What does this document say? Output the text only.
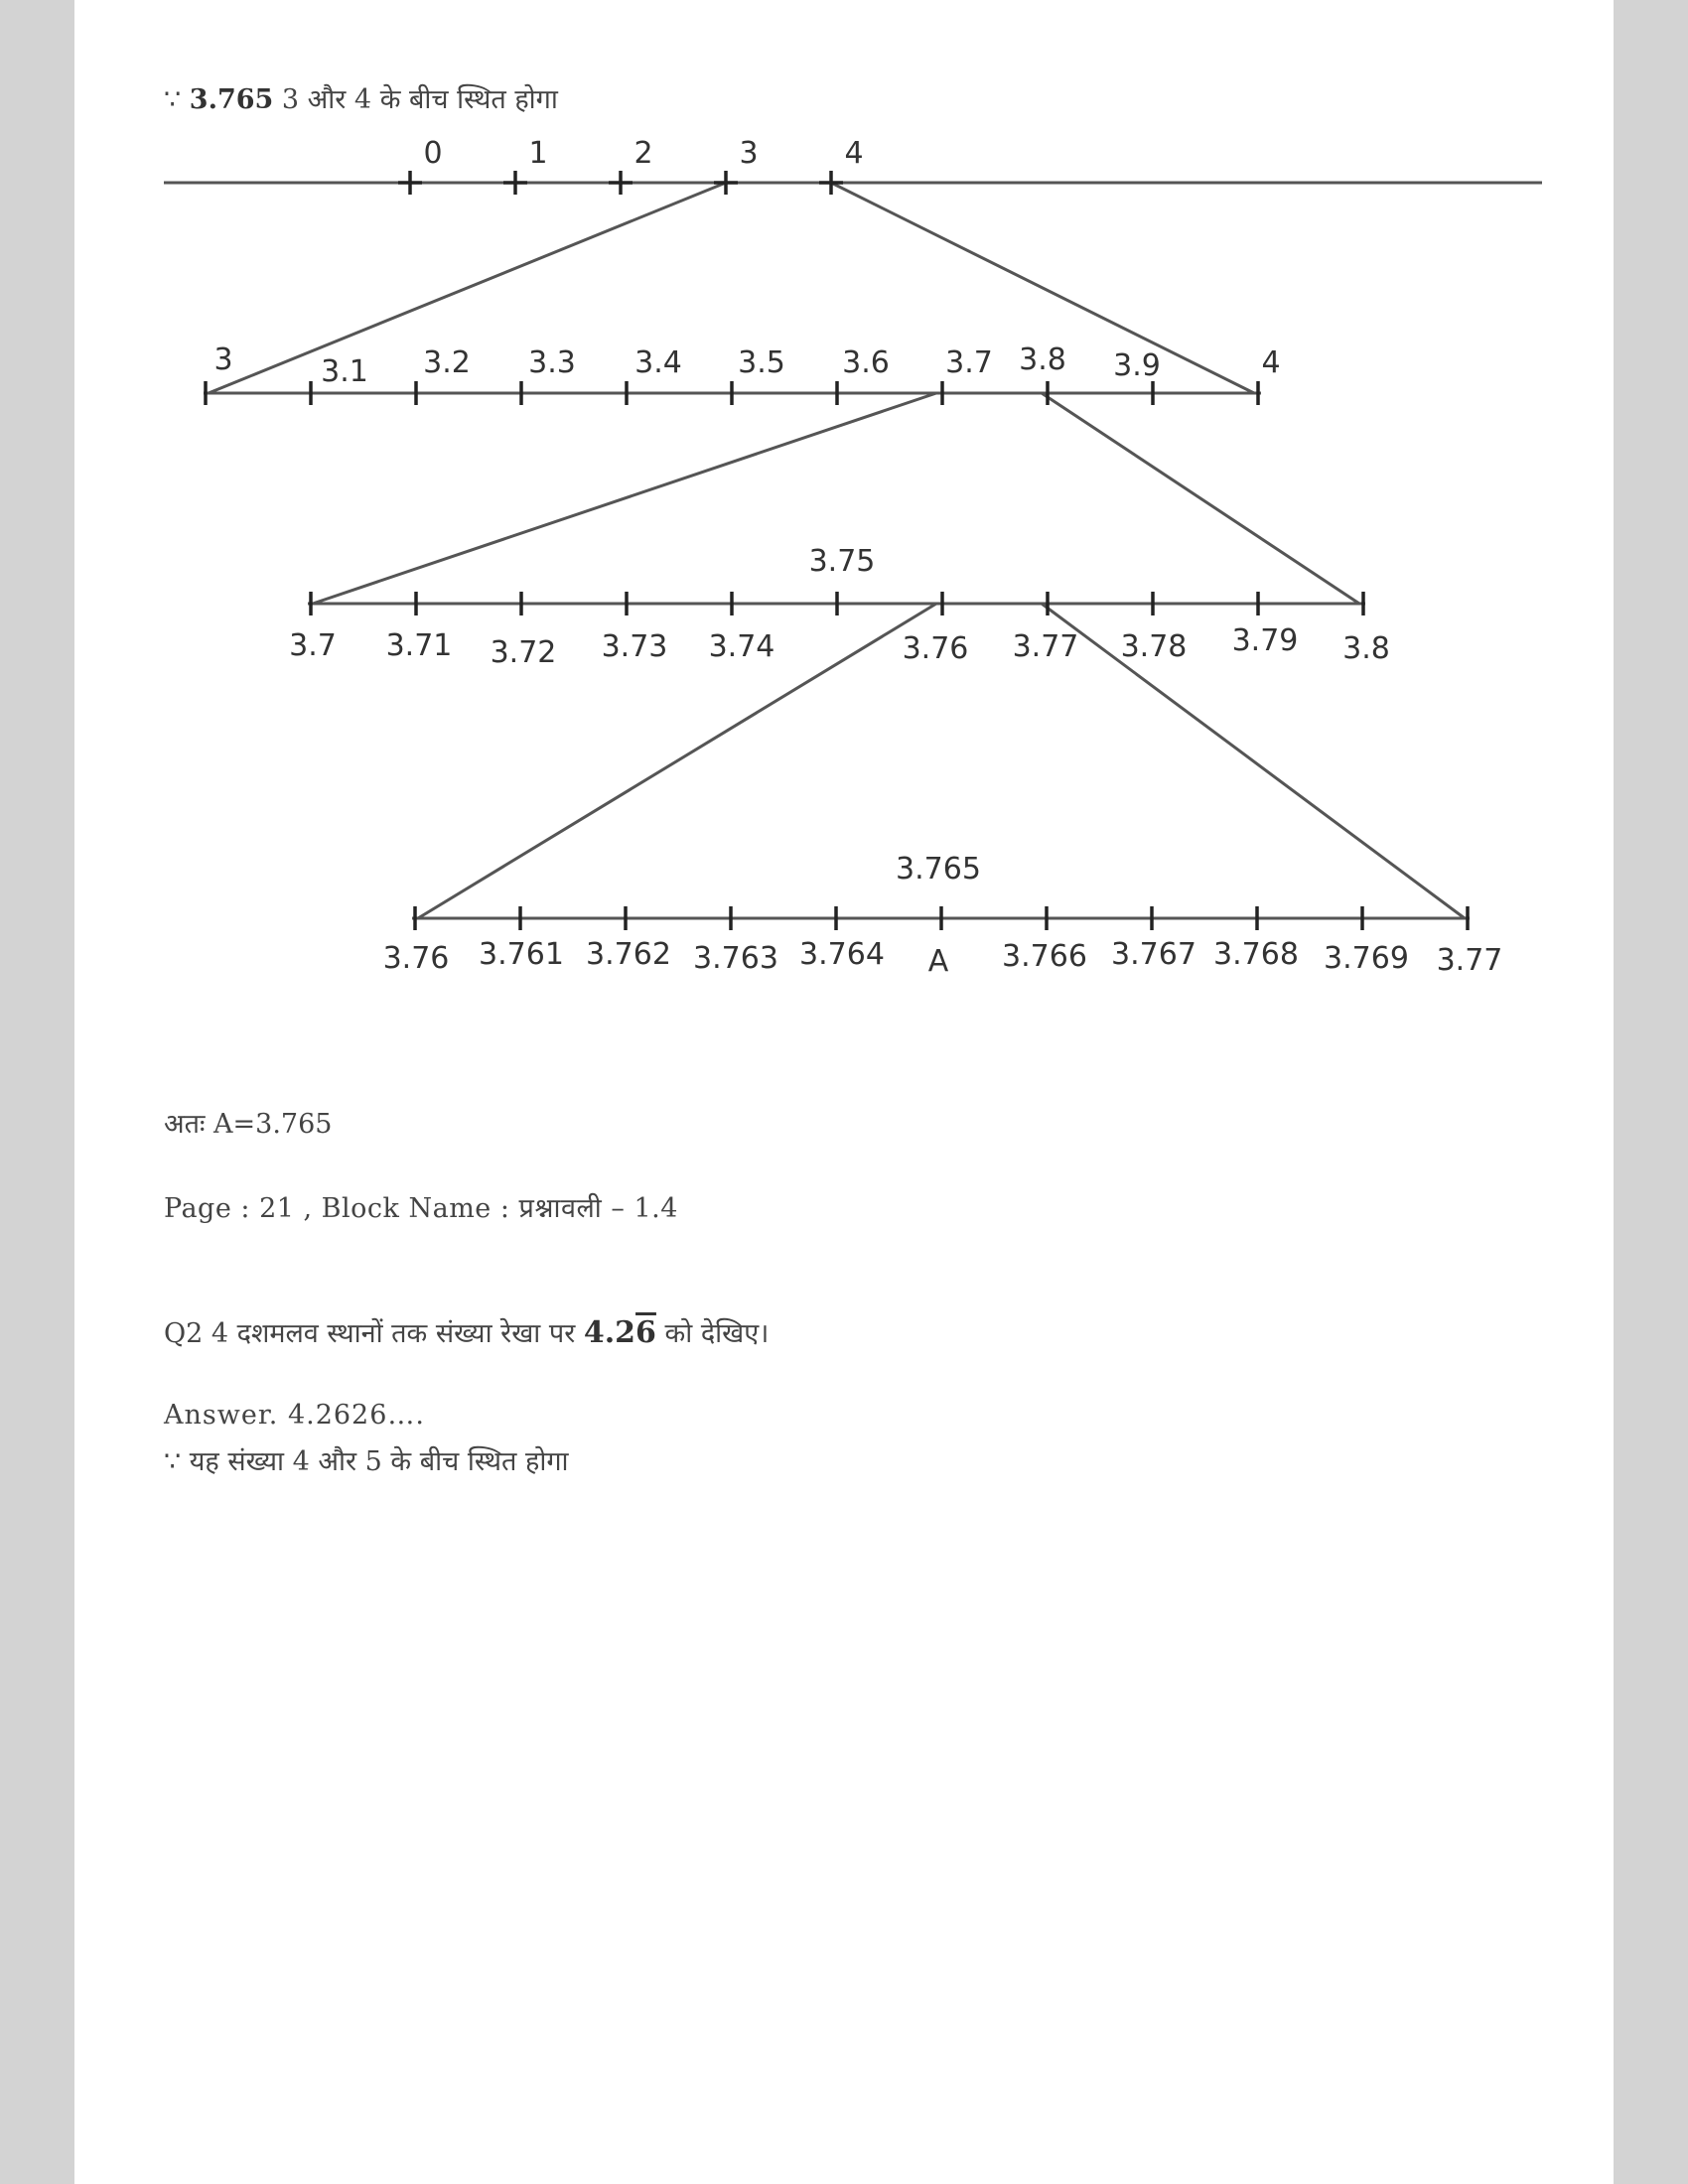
∵ 3.765 3 और 4 के बीच स्थित होगा
0	1	2	3	4
3	3.1 3.2 3.3 3.4 3.5 3.6 3.7 3.8 3.9	4
3.75
3.7 3.71 3.72 3.73 3.74	3.76 3.77 3.78 3.79 3.8
3.765
3.76 3.761 3.762 3.763 3.764 A 3.766 3.767 3.768 3.769 3.77
अतः A=3.765
Page : 21 , Block Name : प्रश्नावली – 1.4
Q2 4 दशमलव स्थानों तक संख्या रेखा पर 4.26 को देखिए।
Answer. 4.2626….
∵ यह संख्या 4 और 5 के बीच स्थित होगा
